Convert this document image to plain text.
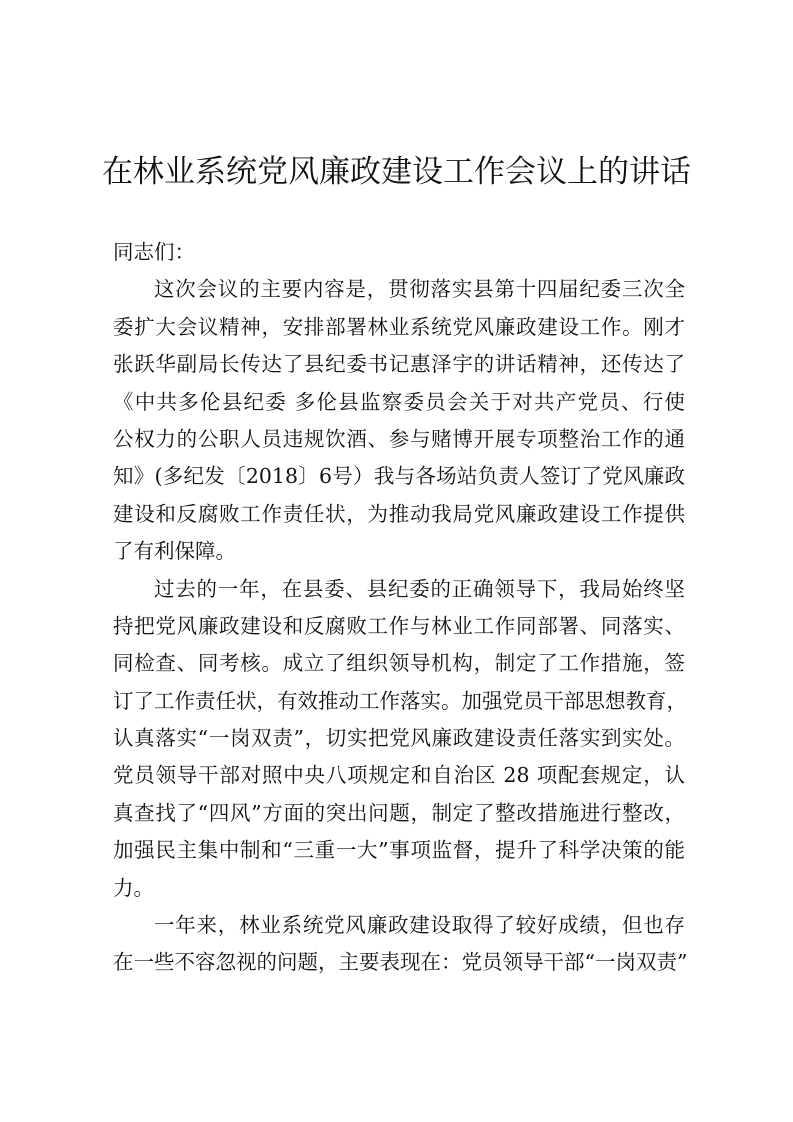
在林业系统党风廉政建设工作会议上的讲话
同志们：
这次会议的主要内容是，贯彻落实县第十四届纪委三次全
委扩大会议精神，安排部署林业系统党风廉政建设工作。刚才
张跃华副局长传达了县纪委书记惠泽宇的讲话精神，还传达了
《中共多伦县纪委 多伦县监察委员会关于对共产党员、行使
公权力的公职人员违规饮酒、参与赌博开展专项整治工作的通
知》(多纪发〔2018〕6号）我与各场站负责人签订了党风廉政
建设和反腐败工作责任状，为推动我局党风廉政建设工作提供
了有利保障。
过去的一年，在县委、县纪委的正确领导下，我局始终坚
持把党风廉政建设和反腐败工作与林业工作同部署、同落实、
同检查、同考核。成立了组织领导机构，制定了工作措施，签
订了工作责任状，有效推动工作落实。加强党员干部思想教育，
认真落实“一岗双责”，切实把党风廉政建设责任落实到实处。
党员领导干部对照中央八项规定和自治区 28 项配套规定，认
真查找了“四风”方面的突出问题，制定了整改措施进行整改，
加强民主集中制和“三重一大”事项监督，提升了科学决策的能
力。
一年来，林业系统党风廉政建设取得了较好成绩，但也存
在一些不容忽视的问题，主要表现在：党员领导干部“一岗双责”
